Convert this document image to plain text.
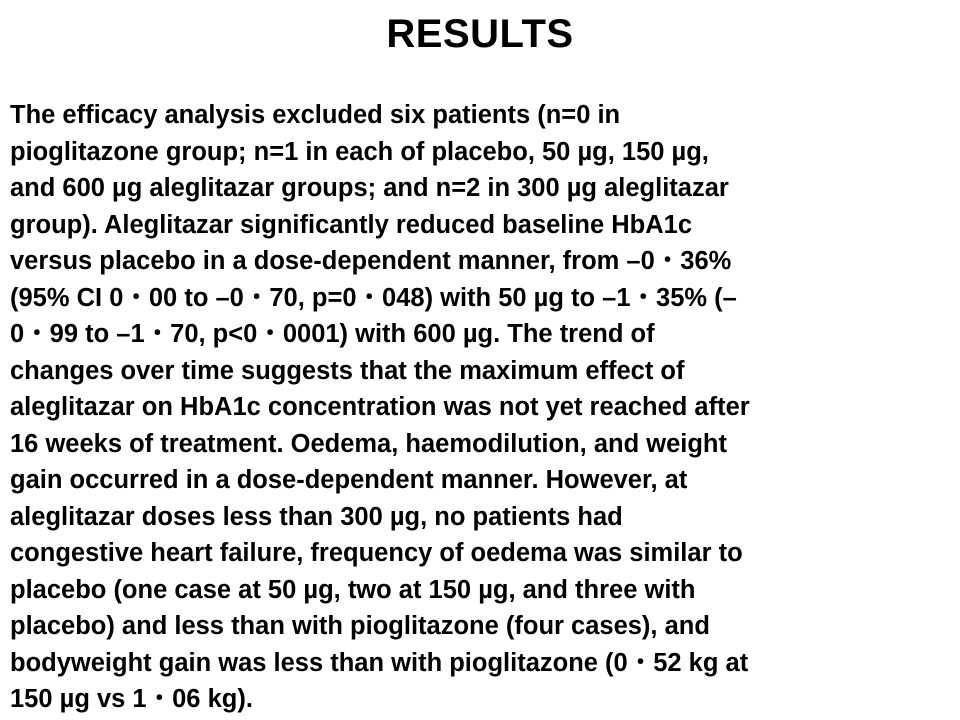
RESULTS
The efficacy analysis excluded six patients (n=0 in
pioglitazone group; n=1 in each of placebo, 50 µg, 150 µg,
and 600 µg aleglitazar groups; and n=2 in 300 µg aleglitazar
group). Aleglitazar significantly reduced baseline HbA1c
versus placebo in a dose-dependent manner, from –0・36%
(95% CI 0・00 to –0・70, p=0・048) with 50 µg to –1・35% (–
0・99 to –1・70, p<0・0001) with 600 µg. The trend of
changes over time suggests that the maximum effect of
aleglitazar on HbA1c concentration was not yet reached after
16 weeks of treatment. Oedema, haemodilution, and weight
gain occurred in a dose-dependent manner. However, at
aleglitazar doses less than 300 µg, no patients had
congestive heart failure, frequency of oedema was similar to
placebo (one case at 50 µg, two at 150 µg, and three with
placebo) and less than with pioglitazone (four cases), and
bodyweight gain was less than with pioglitazone (0・52 kg at
150 µg vs 1・06 kg).
